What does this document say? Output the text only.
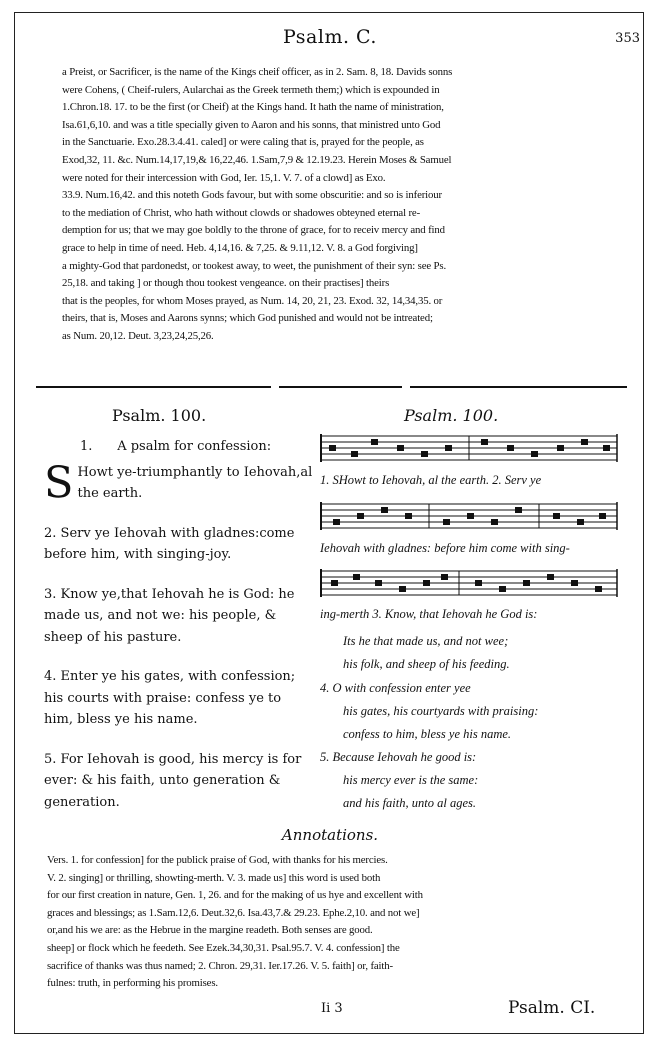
Psalm. C.	353
a Preist, or Sacrificer, is the name of the Kings cheif officer, as in 2. Sam. 8, 18. Davids sonns
were Cohens, ( Cheif-rulers, Aularchai as the Greek termeth them;) which is expounded in
1.Chron.18. 17. to be the first (or Cheif) at the Kings hand. It hath the name of ministration,
Isa.61,6,10. and was a title specially given to Aaron and his sonns, that ministred unto God
in the Sanctuarie. Exo.28.3.4.41. caled] or were caling that is, prayed for the people, as
Exod,32, 11. &c. Num.14,17,19,& 16,22,46. 1.Sam,7,9 & 12.19.23. Herein Moses & Samuel
were noted for their intercession with God, Ier. 15,1. V. 7. of a clowd] as Exo.
33.9. Num.16,42. and this noteth Gods favour, but with some obscuritie: and so is inferiour
to the mediation of Christ, who hath without clowds or shadowes obteyned eternal re-
demption for us; that we may goe boldly to the throne of grace, for to receiv mercy and find
grace to help in time of need. Heb. 4,14,16. & 7,25. & 9.11,12. V. 8. a God forgiving]
a mighty-God that pardonedst, or tookest away, to weet, the punishment of their syn: see Ps.
25,18. and taking ] or though thou tookest vengeance. on their practises] theirs
that is the peoples, for whom Moses prayed, as Num. 14, 20, 21, 23. Exod. 32, 14,34,35. or
theirs, that is, Moses and Aarons synns; which God punished and would not be intreated;
as Num. 20,12. Deut. 3,23,24,25,26.
Psalm. 100.	Psalm. 100.
1. A psalm for confession:
S Howt ye-triumphantly to Iehovah,al the earth.
2. Serv ye Iehovah with gladnes:come before him, with singing-joy.
3. Know ye,that Iehovah he is God: he made us, and not we: his people, & sheep of his pasture.
4. Enter ye his gates, with confession; his courts with praise: confess ye to him, bless ye his name.
5. For Iehovah is good, his mercy is for ever: & his faith, unto generation & generation.
1. SHowt to Iehovah, al the earth. 2. Serv ye
Iehovah with gladnes: before him come with sing-
ing-merth 3. Know, that Iehovah he God is:
Its he that made us, and not wee;
his folk, and sheep of his feeding.
4. O with confession enter yee
his gates, his courtyards with praising:
confess to him, bless ye his name.
5. Because Iehovah he good is:
his mercy ever is the same:
and his faith, unto al ages.
Annotations.
Vers. 1. for confession] for the publick praise of God, with thanks for his mercies.
V. 2. singing] or thrilling, showting-merth. V. 3. made us] this word is used both
for our first creation in nature, Gen. 1, 26. and for the making of us hye and excellent with
graces and blessings; as 1.Sam.12,6. Deut.32,6. Isa.43,7.& 29.23. Ephe.2,10. and not we]
or,and his we are: as the Hebrue in the margine readeth. Both senses are good.
sheep] or flock which he feedeth. See Ezek.34,30,31. Psal.95.7. V. 4. confession] the
sacrifice of thanks was thus named; 2. Chron. 29,31. Ier.17.26. V. 5. faith] or, faith-
fulnes: truth, in performing his promises.
Ii 3	Psalm. CI.
